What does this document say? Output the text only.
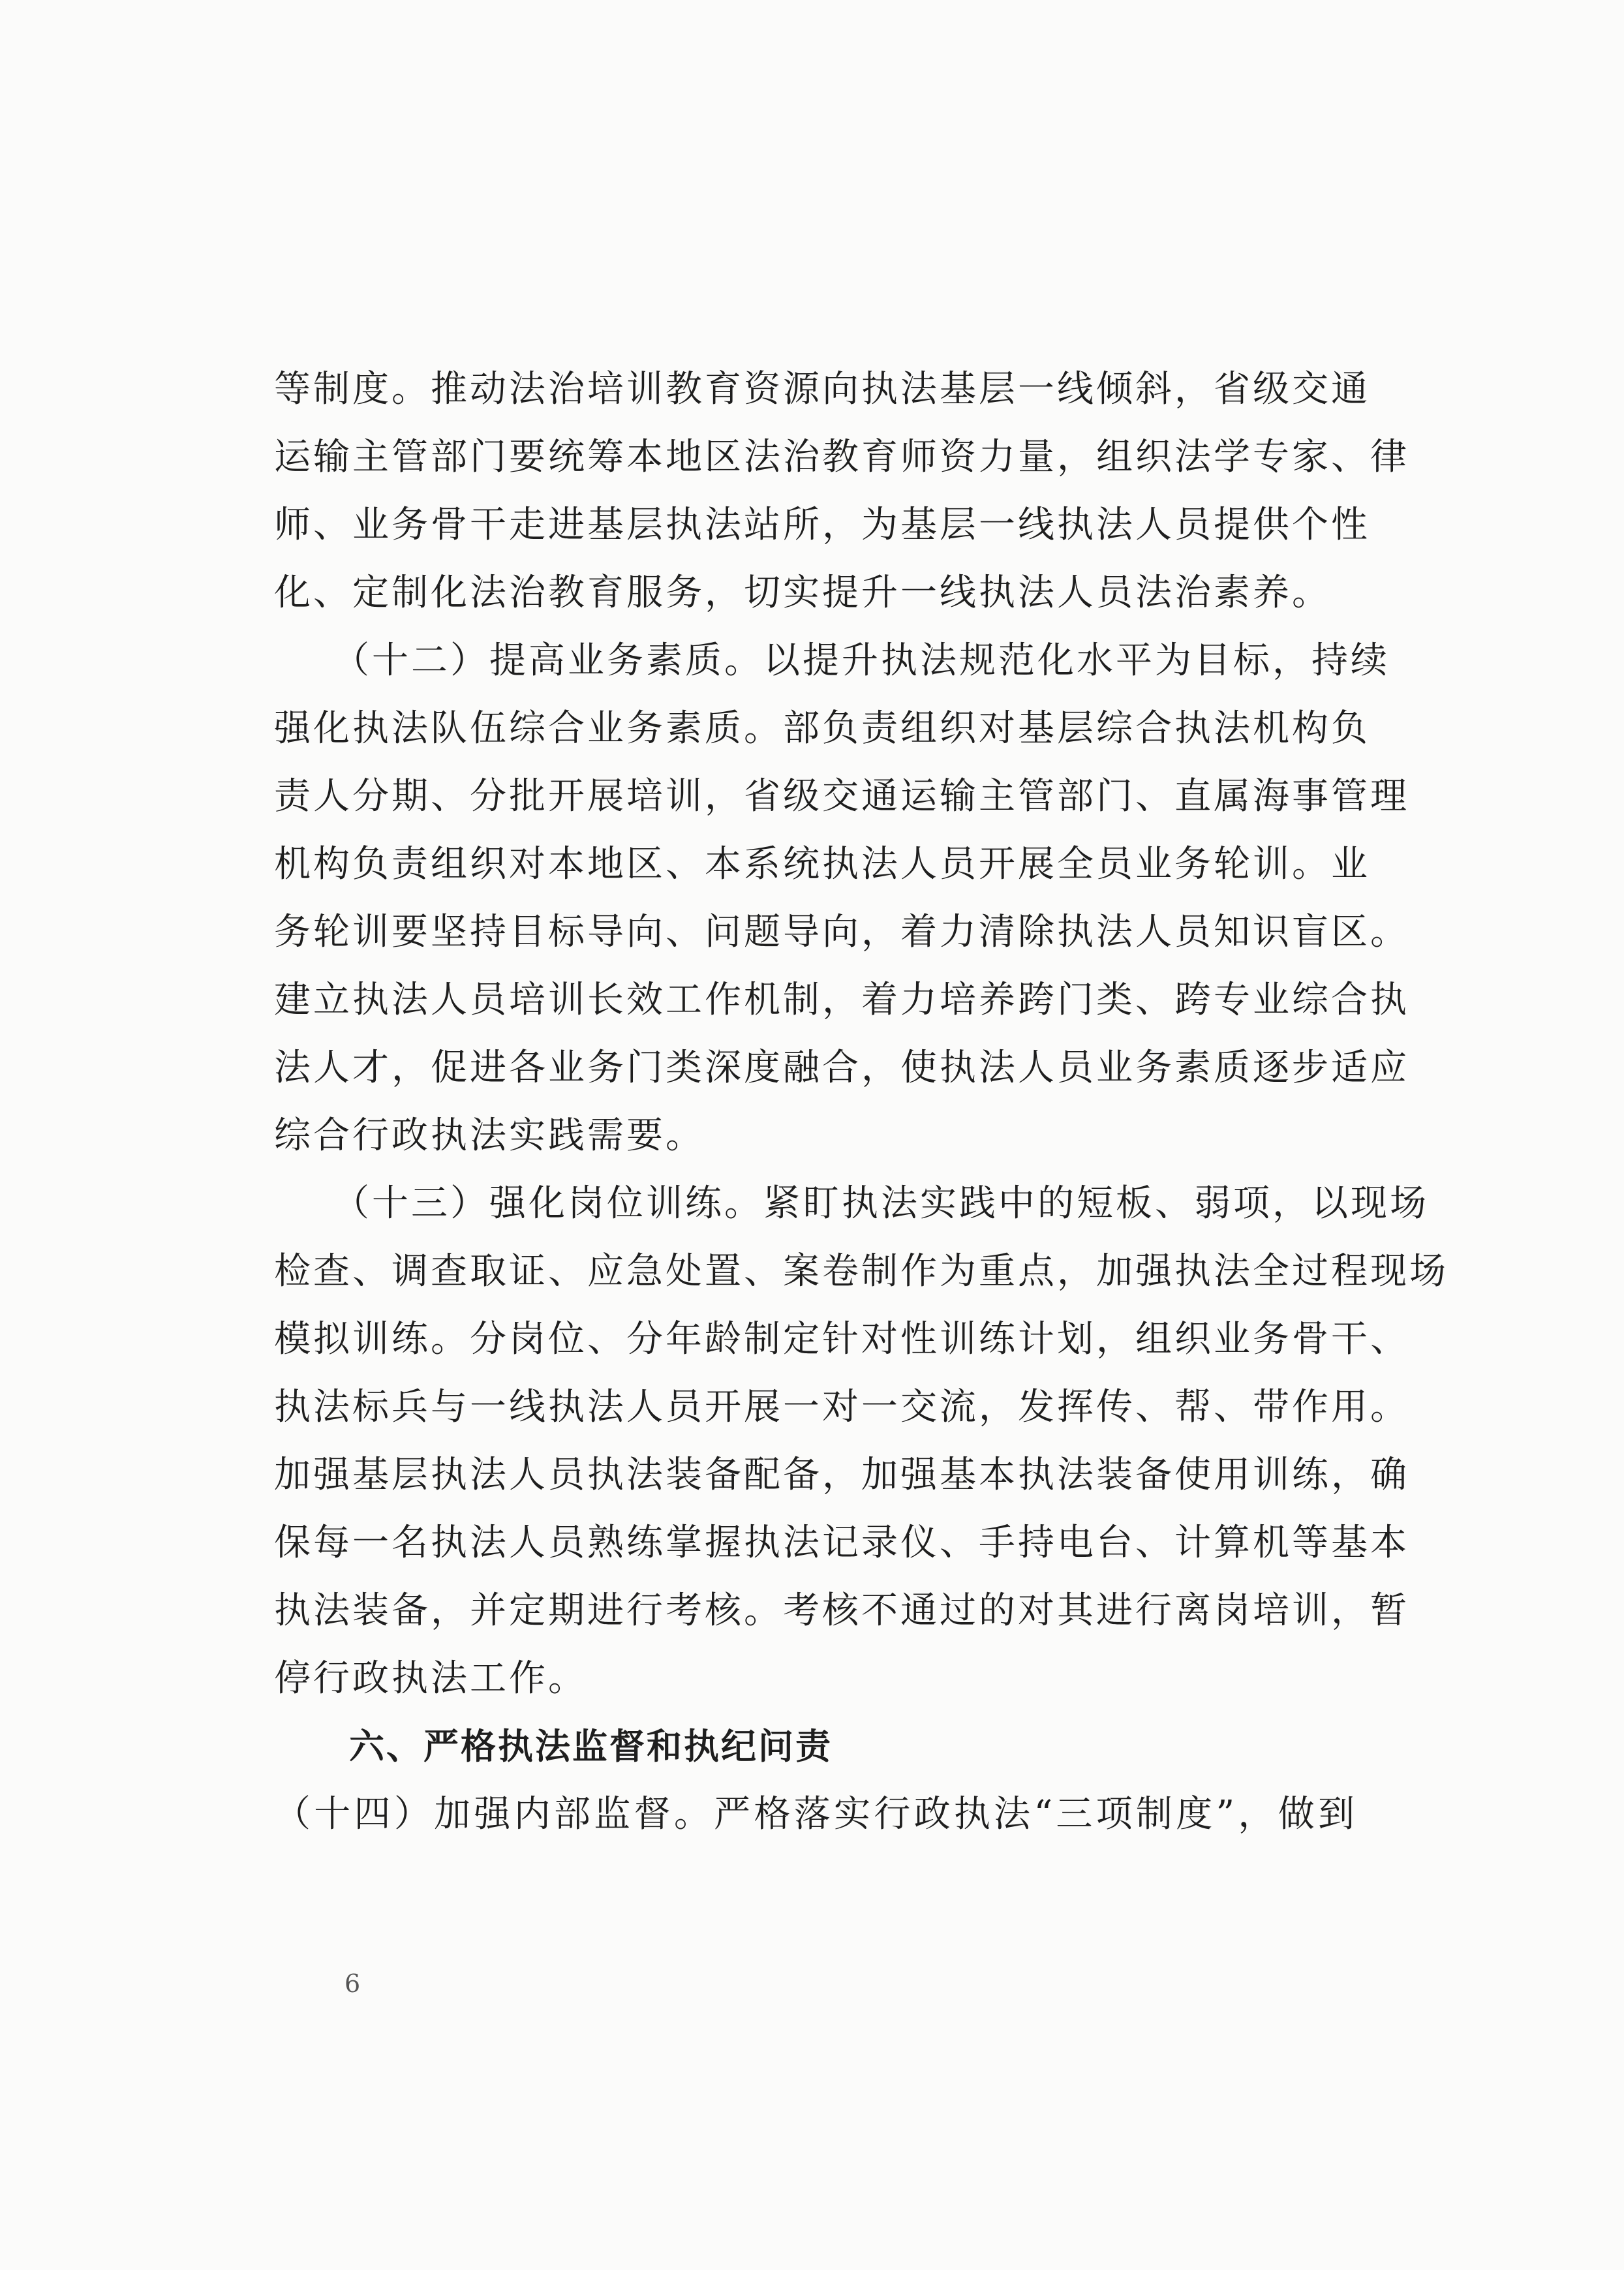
等制度。推动法治培训教育资源向执法基层一线倾斜，省级交通
运输主管部门要统筹本地区法治教育师资力量，组织法学专家、律
师、业务骨干走进基层执法站所，为基层一线执法人员提供个性
化、定制化法治教育服务，切实提升一线执法人员法治素养。
（十二）提高业务素质。以提升执法规范化水平为目标，持续
强化执法队伍综合业务素质。部负责组织对基层综合执法机构负
责人分期、分批开展培训，省级交通运输主管部门、直属海事管理
机构负责组织对本地区、本系统执法人员开展全员业务轮训。业
务轮训要坚持目标导向、问题导向，着力清除执法人员知识盲区。
建立执法人员培训长效工作机制，着力培养跨门类、跨专业综合执
法人才，促进各业务门类深度融合，使执法人员业务素质逐步适应
综合行政执法实践需要。
（十三）强化岗位训练。紧盯执法实践中的短板、弱项，以现场
检查、调查取证、应急处置、案卷制作为重点，加强执法全过程现场
模拟训练。分岗位、分年龄制定针对性训练计划，组织业务骨干、
执法标兵与一线执法人员开展一对一交流，发挥传、帮、带作用。
加强基层执法人员执法装备配备，加强基本执法装备使用训练，确
保每一名执法人员熟练掌握执法记录仪、手持电台、计算机等基本
执法装备，并定期进行考核。考核不通过的对其进行离岗培训，暂
停行政执法工作。
六、严格执法监督和执纪问责
（十四）加强内部监督。严格落实行政执法“三项制度”，做到
6
